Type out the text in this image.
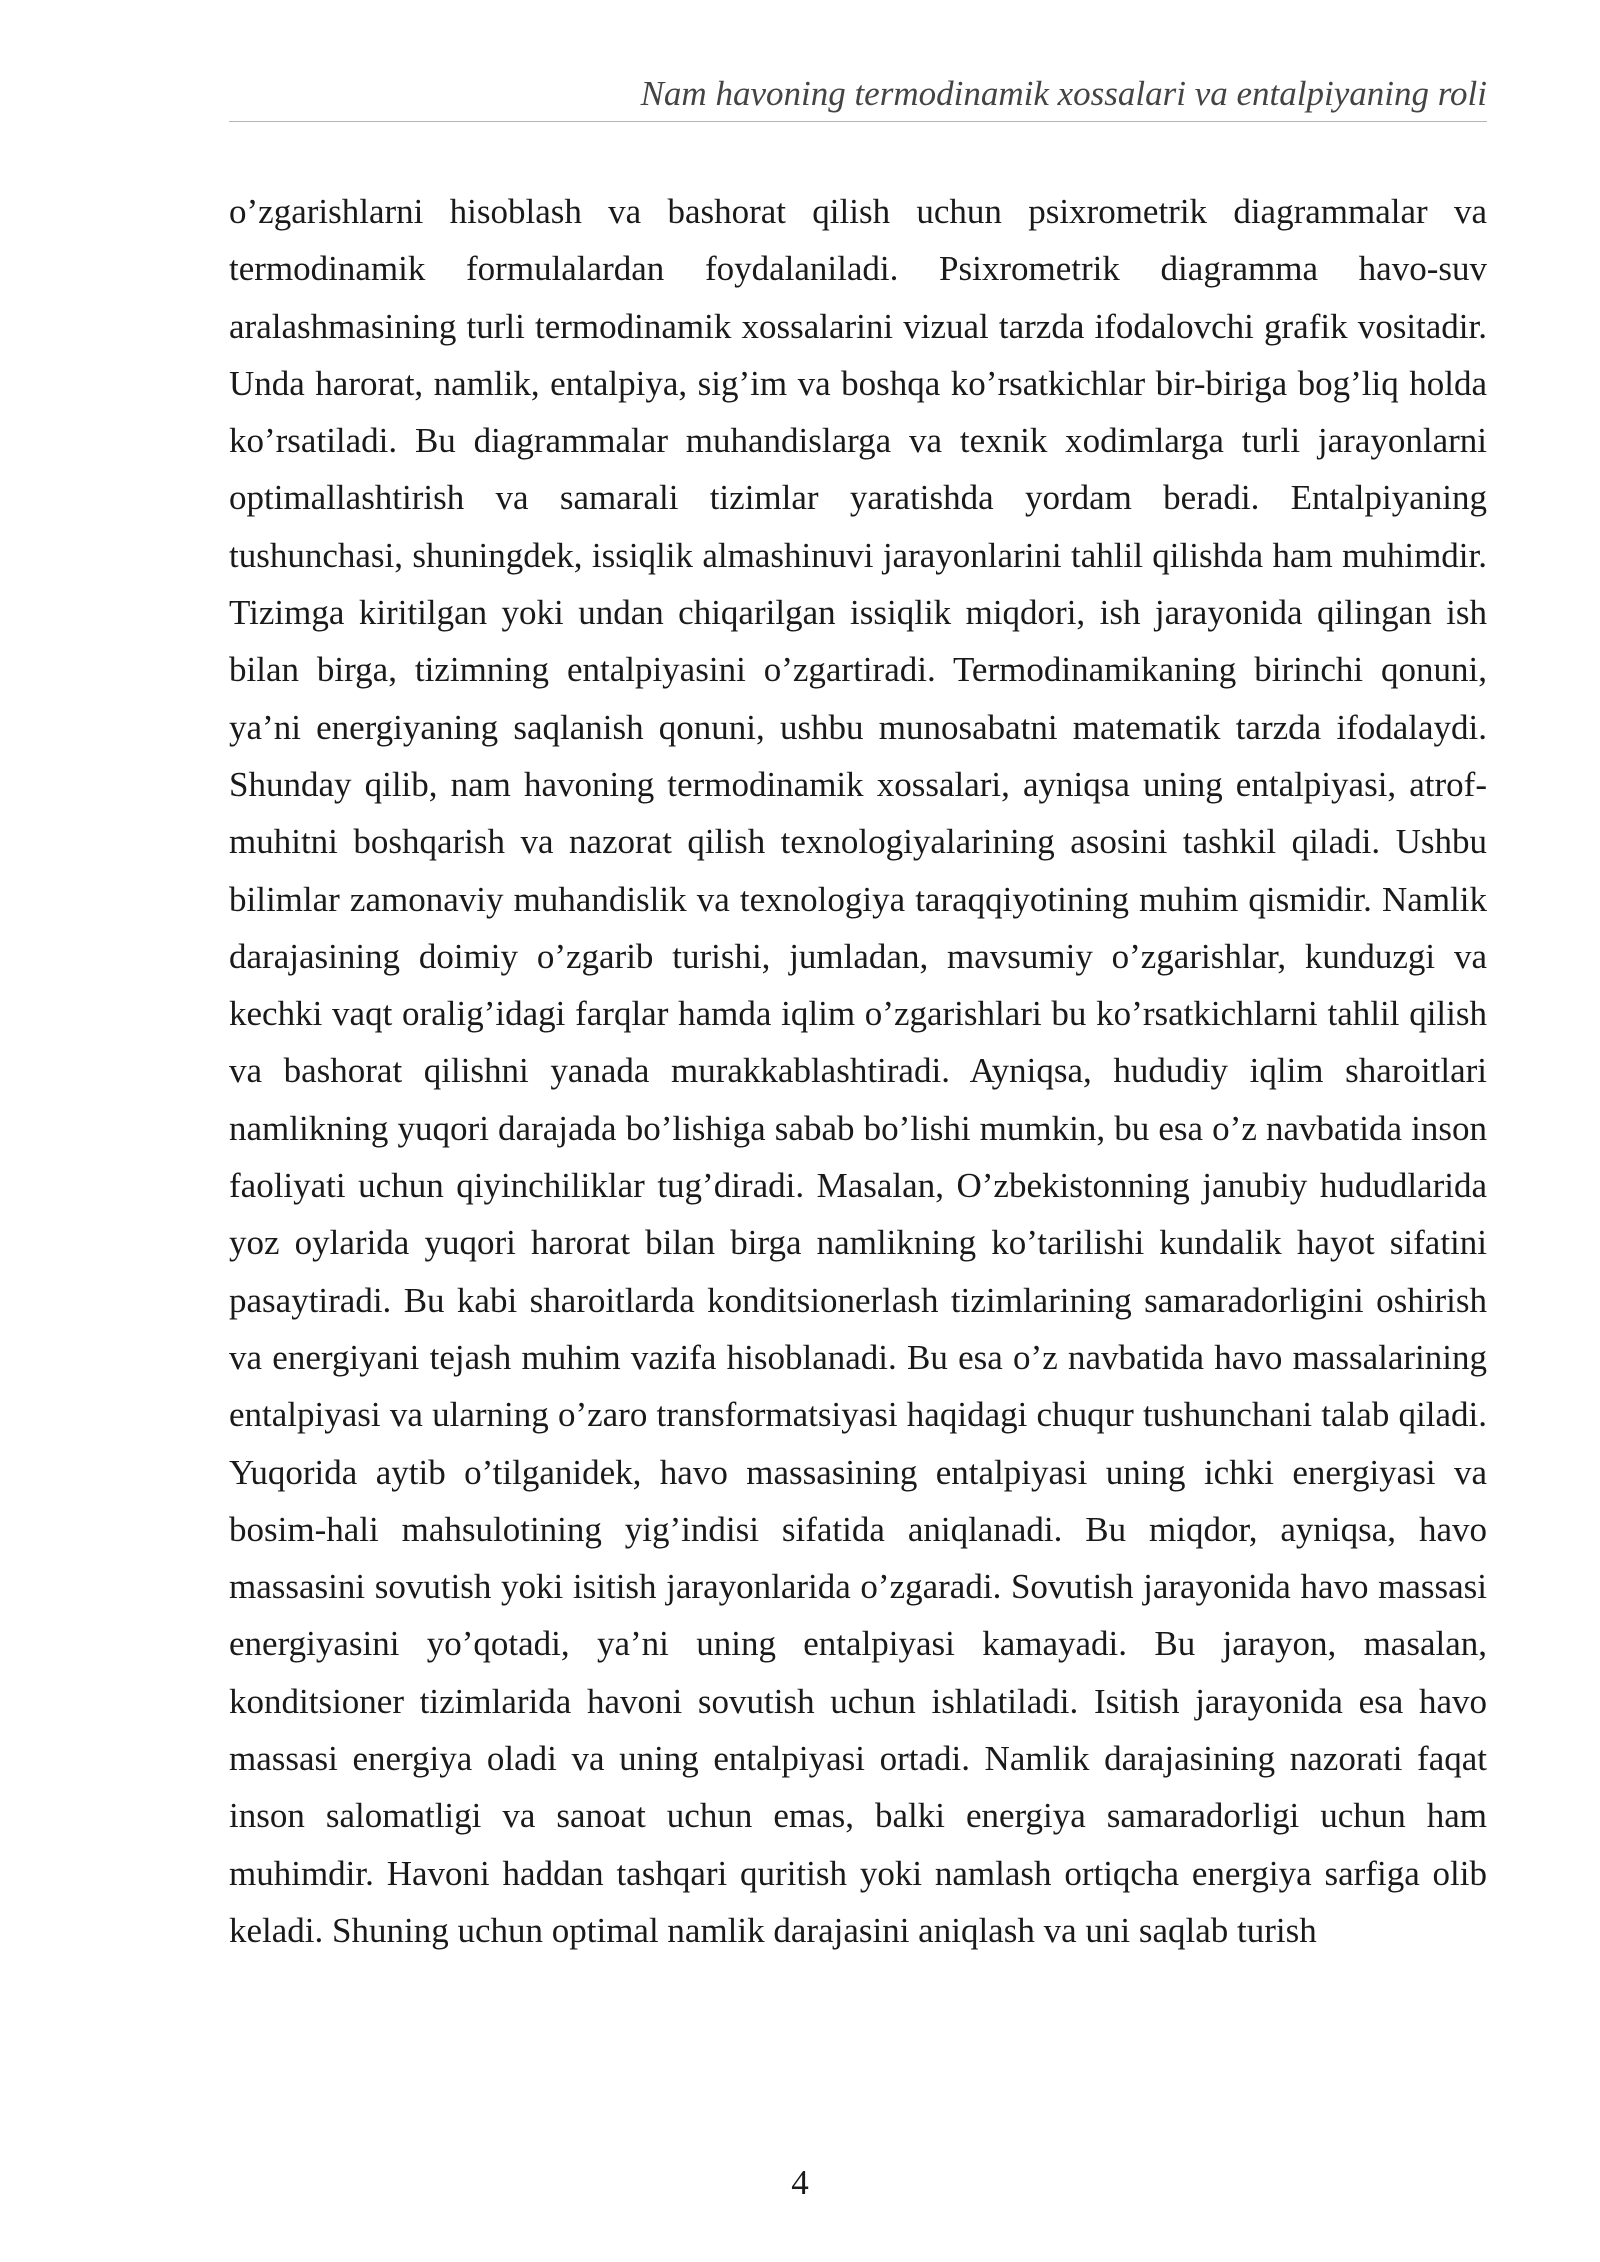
Nam havoning termodinamik xossalari va entalpiyaning roli

o’zgarishlarni hisoblash va bashorat qilish uchun psixrometrik diagrammalar va termodinamik formulalardan foydalaniladi. Psixrometrik diagramma havo-suv aralashmasining turli termodinamik xossalarini vizual tarzda ifodalovchi grafik vositadir. Unda harorat, namlik, entalpiya, sig’im va boshqa ko’rsatkichlar bir-biriga bog’liq holda ko’rsatiladi. Bu diagrammalar muhandislarga va texnik xodimlarga turli jarayonlarni optimallashtirish va samarali tizimlar yaratishda yordam beradi. Entalpiyaning tushunchasi, shuningdek, issiqlik almashinuvi jarayonlarini tahlil qilishda ham muhimdir. Tizimga kiritilgan yoki undan chiqarilgan issiqlik miqdori, ish jarayonida qilingan ish bilan birga, tizimning entalpiyasini o’zgartiradi. Termodinamikaning birinchi qonuni, ya’ni energiyaning saqlanish qonuni, ushbu munosabatni matematik tarzda ifodalaydi. Shunday qilib, nam havoning termodinamik xossalari, ayniqsa uning entalpiyasi, atrof-muhitni boshqarish va nazorat qilish texnologiyalarining asosini tashkil qiladi. Ushbu bilimlar zamonaviy muhandislik va texnologiya taraqqiyotining muhim qismidir. Namlik darajasining doimiy o’zgarib turishi, jumladan, mavsumiy o’zgarishlar, kunduzgi va kechki vaqt oralig’idagi farqlar hamda iqlim o’zgarishlari bu ko’rsatkichlarni tahlil qilish va bashorat qilishni yanada murakkablashtiradi. Ayniqsa, hududiy iqlim sharoitlari namlikning yuqori darajada bo’lishiga sabab bo’lishi mumkin, bu esa o’z navbatida inson faoliyati uchun qiyinchiliklar tug’diradi. Masalan, O’zbekistonning janubiy hududlarida yoz oylarida yuqori harorat bilan birga namlikning ko’tarilishi kundalik hayot sifatini pasaytiradi. Bu kabi sharoitlarda konditsionerlash tizimlarining samaradorligini oshirish va energiyani tejash muhim vazifa hisoblanadi. Bu esa o’z navbatida havo massalarining entalpiyasi va ularning o’zaro transformatsiyasi haqidagi chuqur tushunchani talab qiladi. Yuqorida aytib o’tilganidek, havo massasining entalpiyasi uning ichki energiyasi va bosim-hali mahsulotining yig’indisi sifatida aniqlanadi. Bu miqdor, ayniqsa, havo massasini sovutish yoki isitish jarayonlarida o’zgaradi. Sovutish jarayonida havo massasi energiyasini yo’qotadi, ya’ni uning entalpiyasi kamayadi. Bu jarayon, masalan, konditsioner tizimlarida havoni sovutish uchun ishlatiladi. Isitish jarayonida esa havo massasi energiya oladi va uning entalpiyasi ortadi. Namlik darajasining nazorati faqat inson salomatligi va sanoat uchun emas, balki energiya samaradorligi uchun ham muhimdir. Havoni haddan tashqari quritish yoki namlash ortiqcha energiya sarfiga olib keladi. Shuning uchun optimal namlik darajasini aniqlash va uni saqlab turish

4
